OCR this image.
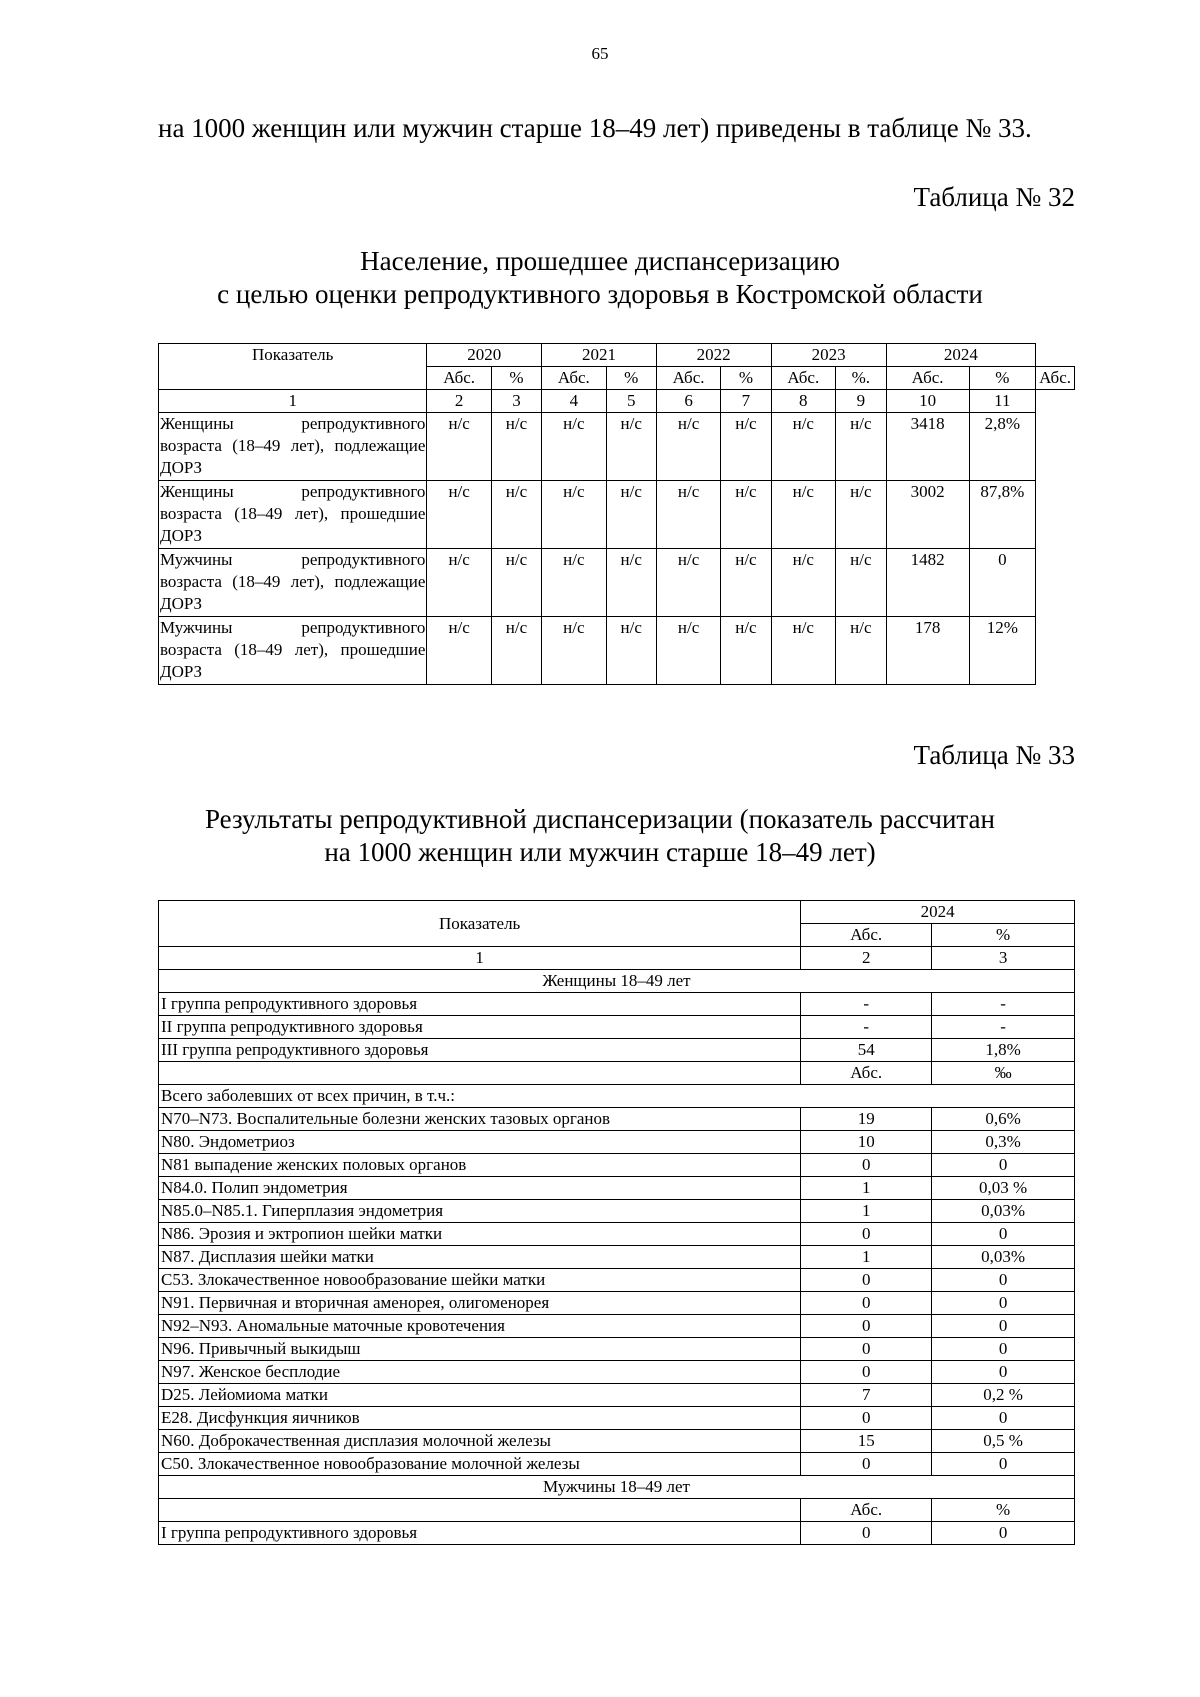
65

на 1000 женщин или мужчин старше 18–49 лет) приведены в таблице № 33.

Таблица № 32
Население, прошедшее диспансеризацию
с целью оценки репродуктивного здоровья в Костромской области
Показатель	2020		2021		2022		2023		2024		
	Абс.	%	Абс.	%	Абс.	%	Абс.	%.	Абс.	%	Абс.
1	2	3	4	5	6	7	8	9	10	11	
Женщины репродуктивного возраста (18–49 лет), подлежащие ДОРЗ	н/с	н/с	н/с	н/с	н/с	н/с	н/с	н/с	3418	2,8%	
Женщины репродуктивного возраста (18–49 лет), прошедшие ДОРЗ	н/с	н/с	н/с	н/с	н/с	н/с	н/с	н/с	3002	87,8%	
Мужчины репродуктивного возраста (18–49 лет), подлежащие ДОРЗ	н/с	н/с	н/с	н/с	н/с	н/с	н/с	н/с	1482	0	
Мужчины репродуктивного возраста (18–49 лет), прошедшие ДОРЗ	н/с	н/с	н/с	н/с	н/с	н/с	н/с	н/с	178	12%	
Таблица № 33
Результаты репродуктивной диспансеризации (показатель рассчитан
на 1000 женщин или мужчин старше 18–49 лет)
Показатель	2024	
	Абс.	%
1	2	3
Женщины 18–49 лет		
I группа репродуктивного здоровья	-	-
II группа репродуктивного здоровья	-	-
III группа репродуктивного здоровья	54	1,8%
	Абс.	‰
Всего заболевших от всех причин, в т.ч.:		
N70–N73. Воспалительные болезни женских тазовых органов	19	0,6%
N80. Эндометриоз	10	0,3%
N81 выпадение женских половых органов	0	0
N84.0. Полип эндометрия	1	0,03 %
N85.0–N85.1. Гиперплазия эндометрия	1	0,03%
N86. Эрозия и эктропион шейки матки	0	0
N87. Дисплазия шейки матки	1	0,03%
С53. Злокачественное новообразование шейки матки	0	0
N91. Первичная и вторичная аменорея, олигоменорея	0	0
N92–N93. Аномальные маточные кровотечения	0	0
N96. Привычный выкидыш	0	0
N97. Женское бесплодие	0	0
D25. Лейомиома матки	7	0,2 %
E28. Дисфункция яичников	0	0
N60. Доброкачественная дисплазия молочной железы	15	0,5 %
С50. Злокачественное новообразование молочной железы	0	0
Мужчины 18–49 лет		
	Абс.	%
I группа репродуктивного здоровья	0	0
